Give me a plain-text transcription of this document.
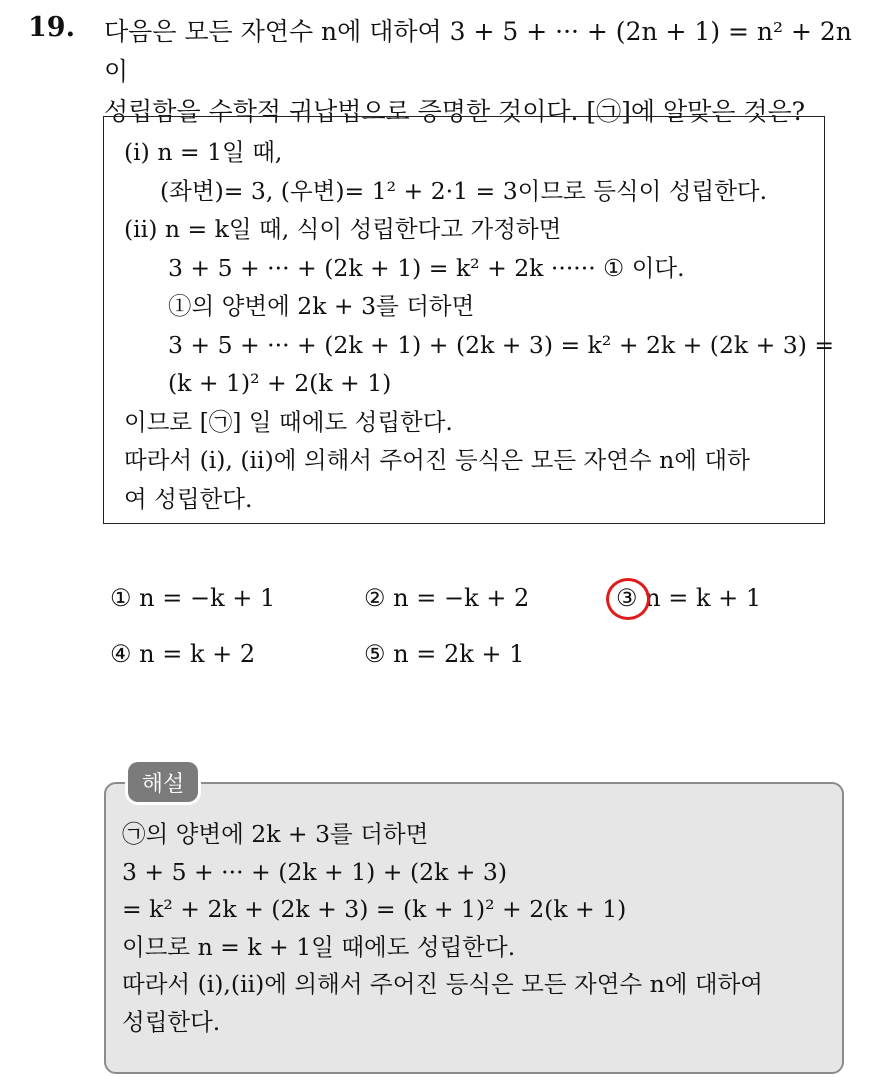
19. 다음은 모든 자연수 n에 대하여 3 + 5 + ··· + (2n + 1) = n² + 2n이
성립함을 수학적 귀납법으로 증명한 것이다. [㉠]에 알맞은 것은?
(i) n = 1일 때,
(좌변)= 3, (우변)= 1² + 2·1 = 3이므로 등식이 성립한다.
(ii) n = k일 때, 식이 성립한다고 가정하면
3 + 5 + ··· + (2k + 1) = k² + 2k ······ ① 이다.
①의 양변에 2k + 3를 더하면
3 + 5 + ··· + (2k + 1) + (2k + 3) = k² + 2k + (2k + 3) =
(k + 1)² + 2(k + 1)
이므로 [㉠] 일 때에도 성립한다.
따라서 (i), (ii)에 의해서 주어진 등식은 모든 자연수 n에 대하
여 성립한다.
① n = −k + 1	② n = −k + 2	③ n = k + 1
④ n = k + 2	⑤ n = 2k + 1
㉠의 양변에 2k + 3를 더하면
3 + 5 + ··· + (2k + 1) + (2k + 3)
= k² + 2k + (2k + 3) = (k + 1)² + 2(k + 1)
이므로 n = k + 1일 때에도 성립한다.
따라서 (i),(ii)에 의해서 주어진 등식은 모든 자연수 n에 대하여
성립한다.
해설
